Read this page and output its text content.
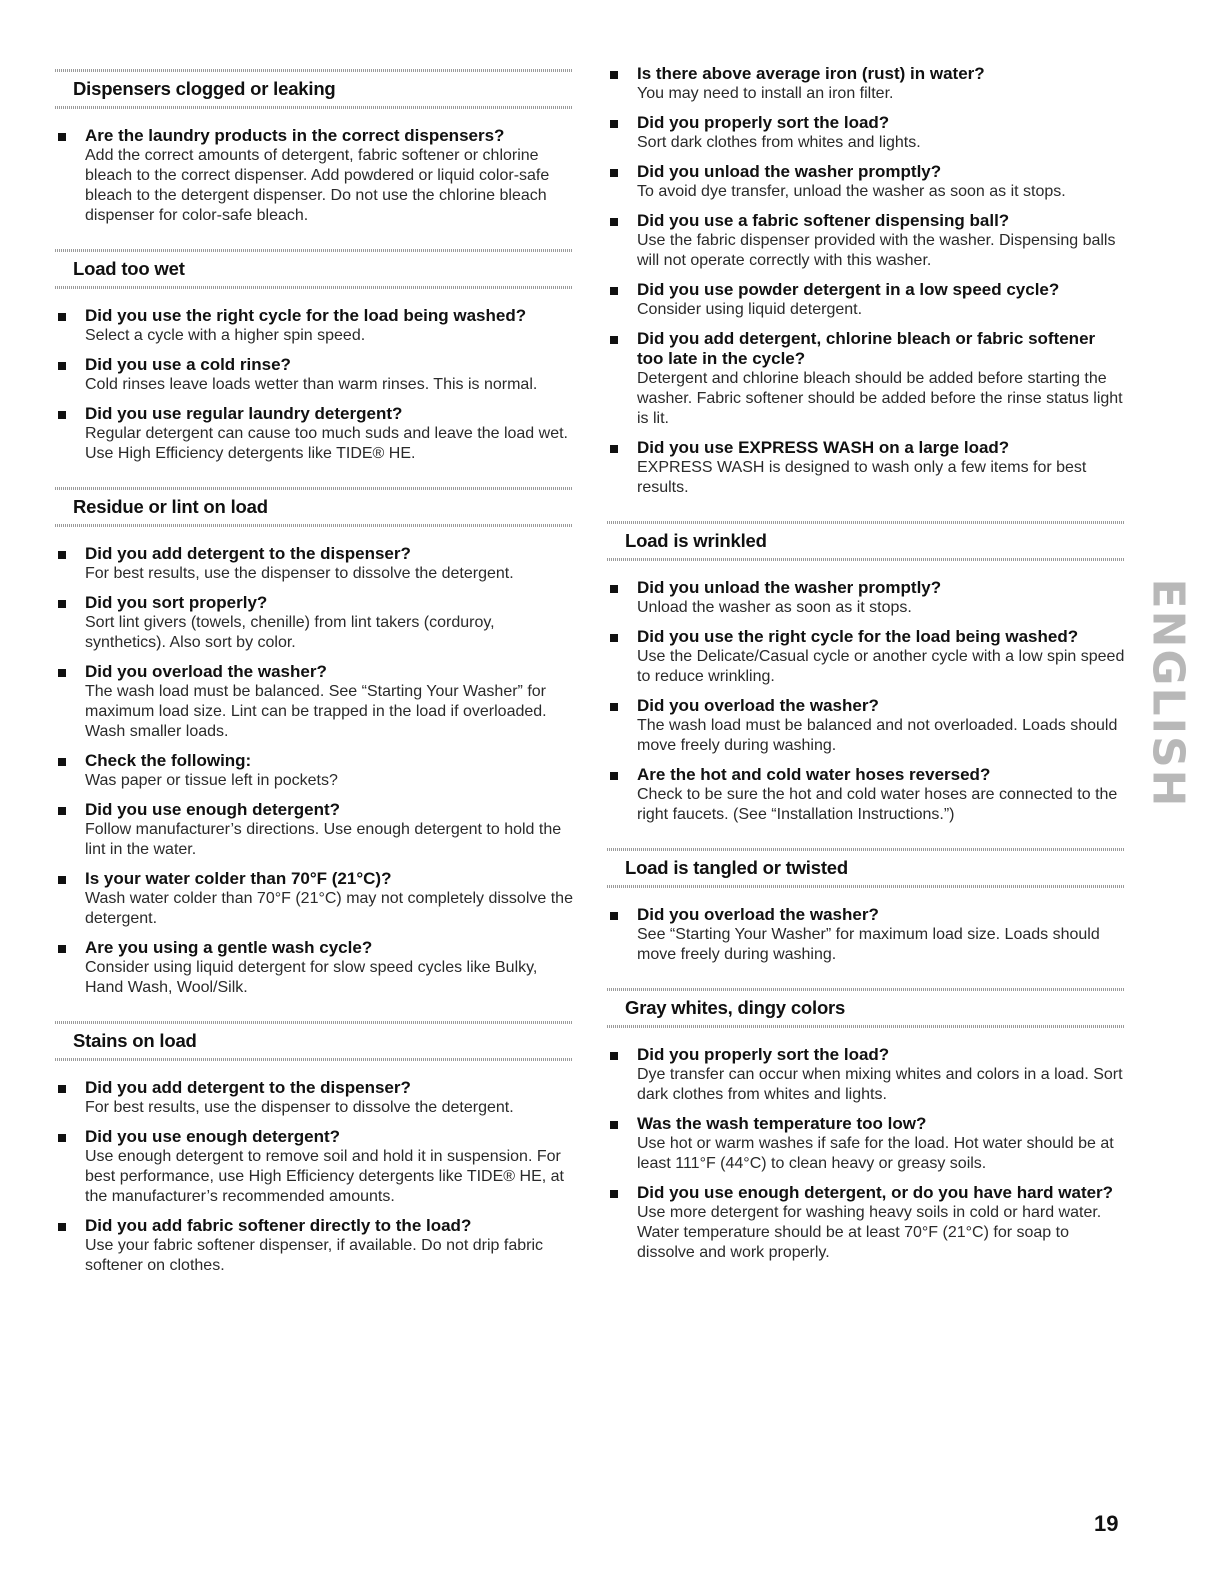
Dispensers clogged or leaking
Are the laundry products in the correct dispensers?
Add the correct amounts of detergent, fabric softener or chlorine bleach to the correct dispenser. Add powdered or liquid color-safe bleach to the detergent dispenser. Do not use the chlorine bleach dispenser for color-safe bleach.
Load too wet
Did you use the right cycle for the load being washed?
Select a cycle with a higher spin speed.
Did you use a cold rinse?
Cold rinses leave loads wetter than warm rinses. This is normal.
Did you use regular laundry detergent?
Regular detergent can cause too much suds and leave the load wet. Use High Efficiency detergents like TIDE® HE.
Residue or lint on load
Did you add detergent to the dispenser?
For best results, use the dispenser to dissolve the detergent.
Did you sort properly?
Sort lint givers (towels, chenille) from lint takers (corduroy, synthetics). Also sort by color.
Did you overload the washer?
The wash load must be balanced. See “Starting Your Washer” for maximum load size. Lint can be trapped in the load if overloaded. Wash smaller loads.
Check the following:
Was paper or tissue left in pockets?
Did you use enough detergent?
Follow manufacturer’s directions. Use enough detergent to hold the lint in the water.
Is your water colder than 70°F (21°C)?
Wash water colder than 70°F (21°C) may not completely dissolve the detergent.
Are you using a gentle wash cycle?
Consider using liquid detergent for slow speed cycles like Bulky, Hand Wash, Wool/Silk.
Stains on load
Did you add detergent to the dispenser?
For best results, use the dispenser to dissolve the detergent.
Did you use enough detergent?
Use enough detergent to remove soil and hold it in suspension. For best performance, use High Efficiency detergents like TIDE® HE, at the manufacturer’s recommended amounts.
Did you add fabric softener directly to the load?
Use your fabric softener dispenser, if available. Do not drip fabric softener on clothes.
Is there above average iron (rust) in water?
You may need to install an iron filter.
Did you properly sort the load?
Sort dark clothes from whites and lights.
Did you unload the washer promptly?
To avoid dye transfer, unload the washer as soon as it stops.
Did you use a fabric softener dispensing ball?
Use the fabric dispenser provided with the washer. Dispensing balls will not operate correctly with this washer.
Did you use powder detergent in a low speed cycle?
Consider using liquid detergent.
Did you add detergent, chlorine bleach or fabric softener too late in the cycle?
Detergent and chlorine bleach should be added before starting the washer. Fabric softener should be added before the rinse status light is lit.
Did you use EXPRESS WASH on a large load?
EXPRESS WASH is designed to wash only a few items for best results.
Load is wrinkled
Did you unload the washer promptly?
Unload the washer as soon as it stops.
Did you use the right cycle for the load being washed?
Use the Delicate/Casual cycle or another cycle with a low spin speed to reduce wrinkling.
Did you overload the washer?
The wash load must be balanced and not overloaded. Loads should move freely during washing.
Are the hot and cold water hoses reversed?
Check to be sure the hot and cold water hoses are connected to the right faucets. (See “Installation Instructions.”)
Load is tangled or twisted
Did you overload the washer?
See “Starting Your Washer” for maximum load size. Loads should move freely during washing.
Gray whites, dingy colors
Did you properly sort the load?
Dye transfer can occur when mixing whites and colors in a load. Sort dark clothes from whites and lights.
Was the wash temperature too low?
Use hot or warm washes if safe for the load. Hot water should be at least 111°F (44°C) to clean heavy or greasy soils.
Did you use enough detergent, or do you have hard water?
Use more detergent for washing heavy soils in cold or hard water. Water temperature should be at least 70°F (21°C) for soap to dissolve and work properly.
ENGLISH
19
